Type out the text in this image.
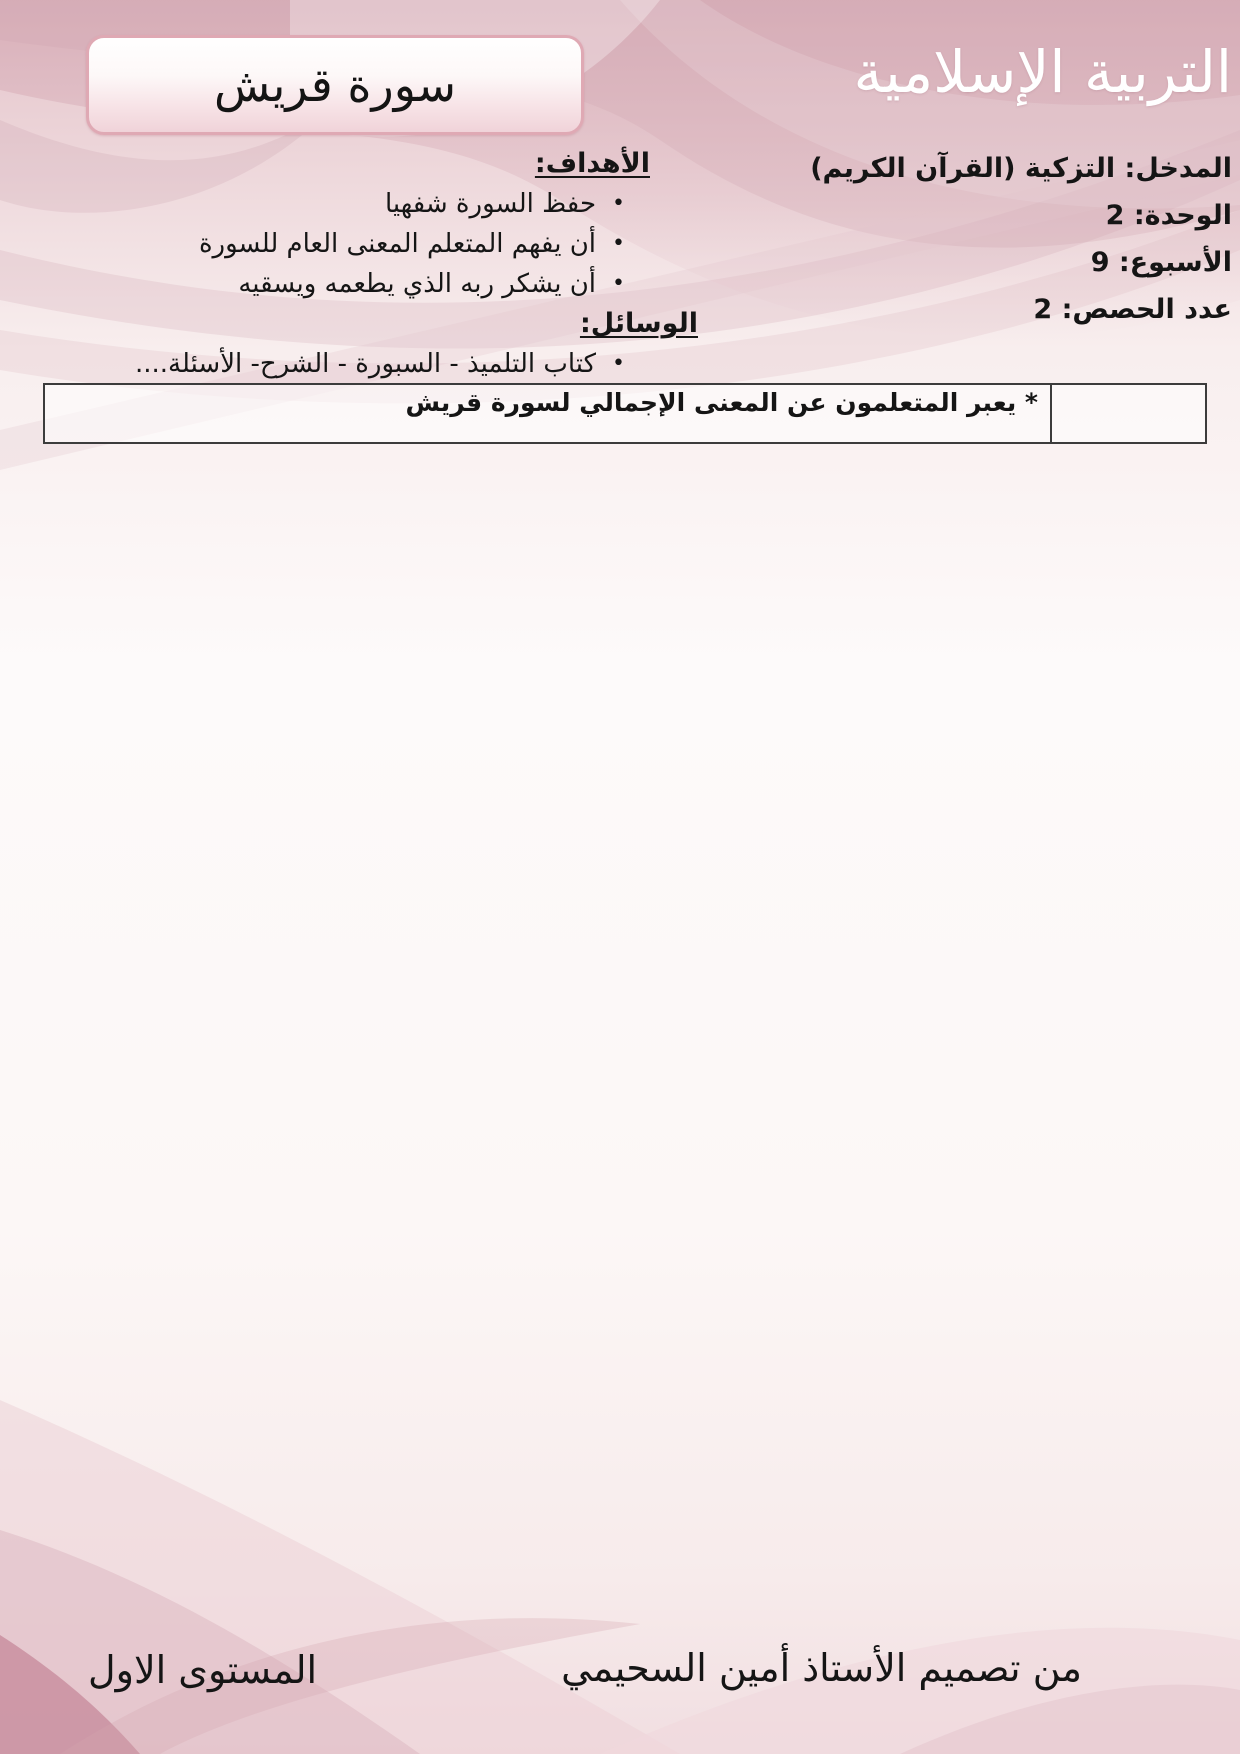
سورة قريش	التربية الإسلامية
المدخل: التزكية (القرآن الكريم)
الوحدة: 2
الأسبوع: 9
عدد الحصص: 2
الأهداف:
•
حفظ السورة شفهيا
•
أن يفهم المتعلم المعنى العام للسورة
•
أن يشكر ربه الذي يطعمه ويسقيه
الوسائل:
•
كتاب التلميذ - السبورة - الشرح- الأسئلة....
* يعبر المتعلمون عن المعنى الإجمالي لسورة قريش
من تصميم الأستاذ أمين السحيمي
المستوى الاول
